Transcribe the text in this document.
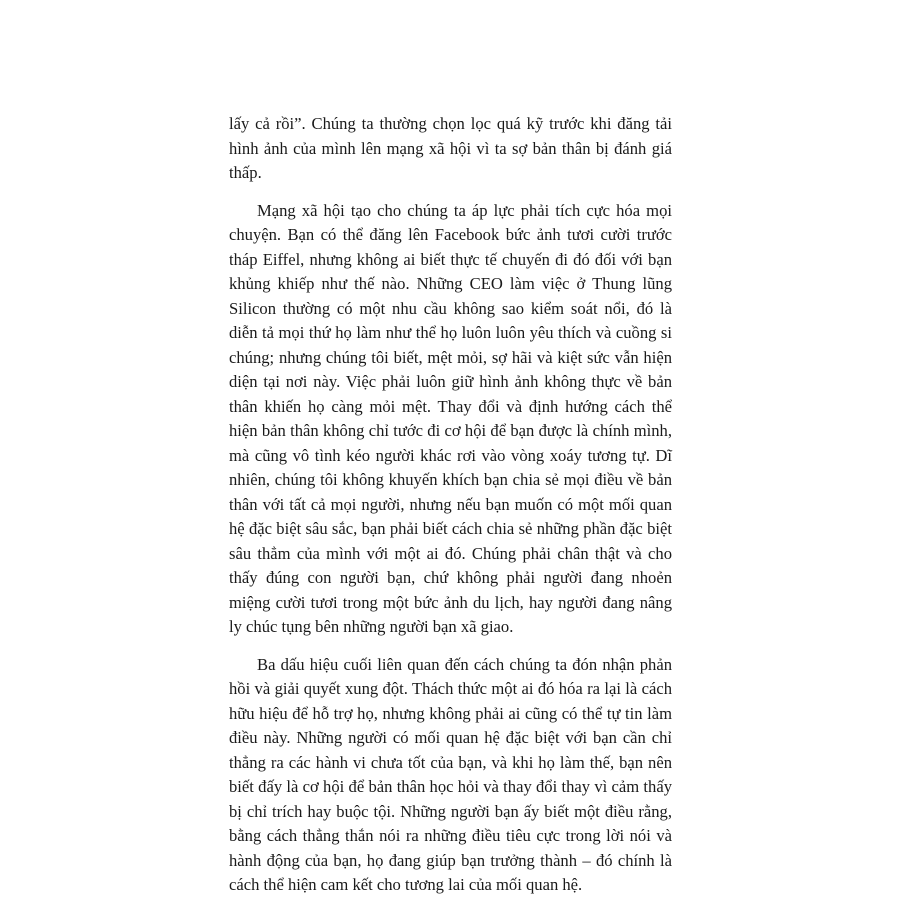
lấy cả rồi”. Chúng ta thường chọn lọc quá kỹ trước khi đăng tải hình ảnh của mình lên mạng xã hội vì ta sợ bản thân bị đánh giá thấp.

Mạng xã hội tạo cho chúng ta áp lực phải tích cực hóa mọi chuyện. Bạn có thể đăng lên Facebook bức ảnh tươi cười trước tháp Eiffel, nhưng không ai biết thực tế chuyến đi đó đối với bạn khủng khiếp như thế nào. Những CEO làm việc ở Thung lũng Silicon thường có một nhu cầu không sao kiểm soát nổi, đó là diễn tả mọi thứ họ làm như thể họ luôn luôn yêu thích và cuồng si chúng; nhưng chúng tôi biết, mệt mỏi, sợ hãi và kiệt sức vẫn hiện diện tại nơi này. Việc phải luôn giữ hình ảnh không thực về bản thân khiến họ càng mỏi mệt. Thay đổi và định hướng cách thể hiện bản thân không chỉ tước đi cơ hội để bạn được là chính mình, mà cũng vô tình kéo người khác rơi vào vòng xoáy tương tự. Dĩ nhiên, chúng tôi không khuyến khích bạn chia sẻ mọi điều về bản thân với tất cả mọi người, nhưng nếu bạn muốn có một mối quan hệ đặc biệt sâu sắc, bạn phải biết cách chia sẻ những phần đặc biệt sâu thẳm của mình với một ai đó. Chúng phải chân thật và cho thấy đúng con người bạn, chứ không phải người đang nhoẻn miệng cười tươi trong một bức ảnh du lịch, hay người đang nâng ly chúc tụng bên những người bạn xã giao.

Ba dấu hiệu cuối liên quan đến cách chúng ta đón nhận phản hồi và giải quyết xung đột. Thách thức một ai đó hóa ra lại là cách hữu hiệu để hỗ trợ họ, nhưng không phải ai cũng có thể tự tin làm điều này. Những người có mối quan hệ đặc biệt với bạn cần chỉ thẳng ra các hành vi chưa tốt của bạn, và khi họ làm thế, bạn nên biết đấy là cơ hội để bản thân học hỏi và thay đổi thay vì cảm thấy bị chỉ trích hay buộc tội. Những người bạn ấy biết một điều rằng, bằng cách thẳng thắn nói ra những điều tiêu cực trong lời nói và hành động của bạn, họ đang giúp bạn trưởng thành – đó chính là cách thể hiện cam kết cho tương lai của mối quan hệ.
